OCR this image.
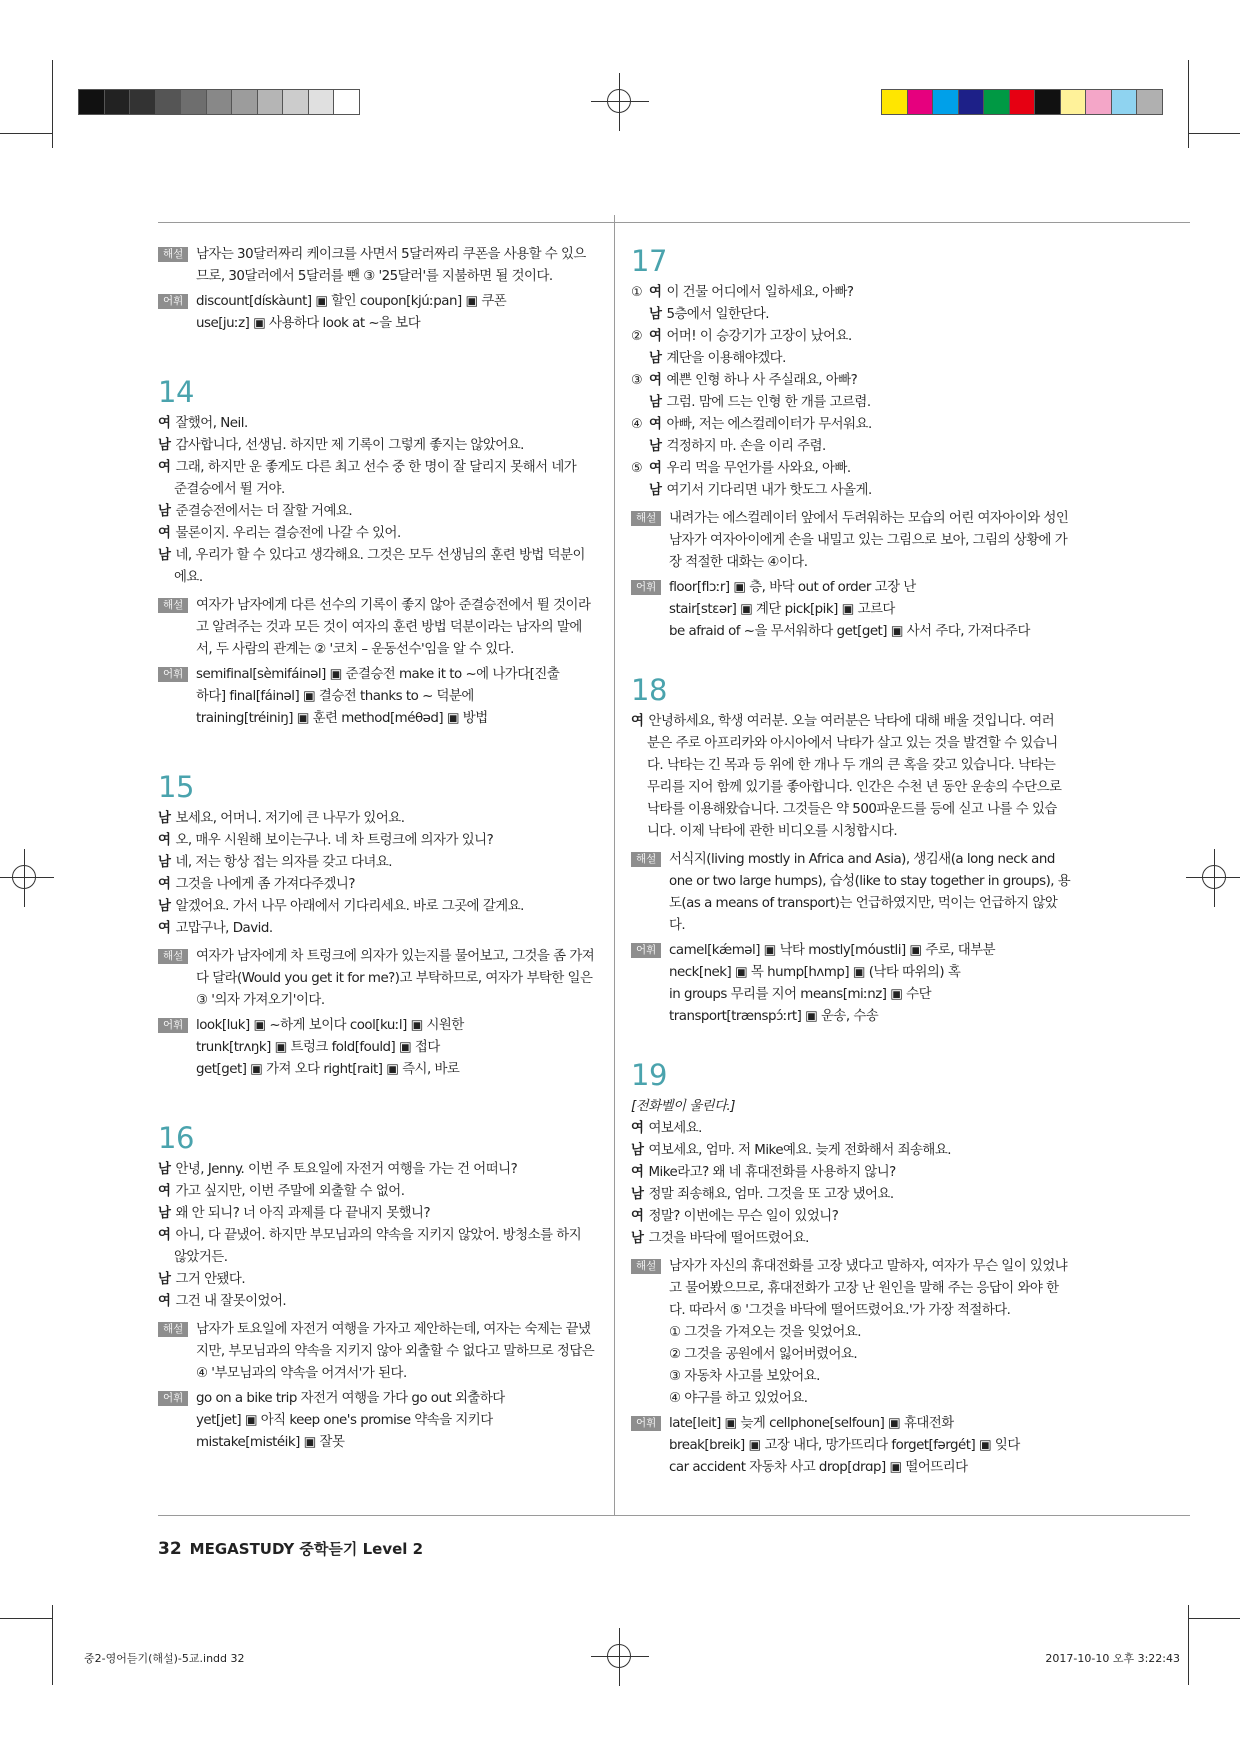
해설 남자는 30달러짜리 케이크를 사면서 5달러짜리 쿠폰을 사용할 수 있으

므로, 30달러에서 5달러를 뺀 ③ '25달러'를 지불하면 될 것이다.

어휘 discount[dískàunt] ▣ 할인 coupon[kjúːpan] ▣ 쿠폰

use[juːz] ▣ 사용하다 look at ~을 보다

14

여 잘했어, Neil.

남 감사합니다, 선생님. 하지만 제 기록이 그렇게 좋지는 않았어요.

여 그래, 하지만 운 좋게도 다른 최고 선수 중 한 명이 잘 달리지 못해서 네가

준결승에서 뛸 거야.

남 준결승전에서는 더 잘할 거예요.

여 물론이지. 우리는 결승전에 나갈 수 있어.

남 네, 우리가 할 수 있다고 생각해요. 그것은 모두 선생님의 훈련 방법 덕분이

에요.

해설 여자가 남자에게 다른 선수의 기록이 좋지 않아 준결승전에서 뛸 것이라

고 알려주는 것과 모든 것이 여자의 훈련 방법 덕분이라는 남자의 말에

서, 두 사람의 관계는 ② '코치 – 운동선수'임을 알 수 있다.

어휘 semifinal[sèmifáinəl] ▣ 준결승전 make it to ~에 나가다[진출

하다] final[fáinəl] ▣ 결승전 thanks to ~ 덕분에

training[tréiniŋ] ▣ 훈련 method[méθəd] ▣ 방법

15

남 보세요, 어머니. 저기에 큰 나무가 있어요.

여 오, 매우 시원해 보이는구나. 네 차 트렁크에 의자가 있니?

남 네, 저는 항상 접는 의자를 갖고 다녀요.

여 그것을 나에게 좀 가져다주겠니?

남 알겠어요. 가서 나무 아래에서 기다리세요. 바로 그곳에 갈게요.

여 고맙구나, David.

해설 여자가 남자에게 차 트렁크에 의자가 있는지를 물어보고, 그것을 좀 가져

다 달라(Would you get it for me?)고 부탁하므로, 여자가 부탁한 일은

③ '의자 가져오기'이다.

어휘 look[luk] ▣ ~하게 보이다 cool[kuːl] ▣ 시원한

trunk[trʌŋk] ▣ 트렁크 fold[fould] ▣ 접다

get[get] ▣ 가져 오다 right[rait] ▣ 즉시, 바로

16

남 안녕, Jenny. 이번 주 토요일에 자전거 여행을 가는 건 어떠니?

여 가고 싶지만, 이번 주말에 외출할 수 없어.

남 왜 안 되니? 너 아직 과제를 다 끝내지 못했니?

여 아니, 다 끝냈어. 하지만 부모님과의 약속을 지키지 않았어. 방청소를 하지

않았거든.

남 그거 안됐다.

여 그건 내 잘못이었어.

해설 남자가 토요일에 자전거 여행을 가자고 제안하는데, 여자는 숙제는 끝냈

지만, 부모님과의 약속을 지키지 않아 외출할 수 없다고 말하므로 정답은

④ '부모님과의 약속을 어겨서'가 된다.

어휘 go on a bike trip 자전거 여행을 가다 go out 외출하다

yet[jet] ▣ 아직 keep one's promise 약속을 지키다

mistake[mistéik] ▣ 잘못

17

① 여 이 건물 어디에서 일하세요, 아빠?

남 5층에서 일한단다.

② 여 어머! 이 승강기가 고장이 났어요.

남 계단을 이용해야겠다.

③ 여 예쁜 인형 하나 사 주실래요, 아빠?

남 그럼. 맘에 드는 인형 한 개를 고르렴.

④ 여 아빠, 저는 에스컬레이터가 무서워요.

남 걱정하지 마. 손을 이리 주렴.

⑤ 여 우리 먹을 무언가를 사와요, 아빠.

남 여기서 기다리면 내가 핫도그 사올게.

해설 내려가는 에스컬레이터 앞에서 두려워하는 모습의 어린 여자아이와 성인

남자가 여자아이에게 손을 내밀고 있는 그림으로 보아, 그림의 상황에 가

장 적절한 대화는 ④이다.

어휘 floor[flɔːr] ▣ 층, 바닥 out of order 고장 난

stair[stεər] ▣ 계단 pick[pik] ▣ 고르다

be afraid of ~을 무서워하다 get[get] ▣ 사서 주다, 가져다주다

18

여 안녕하세요, 학생 여러분. 오늘 여러분은 낙타에 대해 배울 것입니다. 여러

분은 주로 아프리카와 아시아에서 낙타가 살고 있는 것을 발견할 수 있습니

다. 낙타는 긴 목과 등 위에 한 개나 두 개의 큰 혹을 갖고 있습니다. 낙타는

무리를 지어 함께 있기를 좋아합니다. 인간은 수천 년 동안 운송의 수단으로

낙타를 이용해왔습니다. 그것들은 약 500파운드를 등에 싣고 나를 수 있습

니다. 이제 낙타에 관한 비디오를 시청합시다.

해설 서식지(living mostly in Africa and Asia), 생김새(a long neck and

one or two large humps), 습성(like to stay together in groups), 용

도(as a means of transport)는 언급하였지만, 먹이는 언급하지 않았다.

어휘 camel[kǽməl] ▣ 낙타 mostly[móustli] ▣ 주로, 대부분

neck[nek] ▣ 목 hump[hʌmp] ▣ (낙타 따위의) 혹

in groups 무리를 지어 means[miːnz] ▣ 수단

transport[trænspɔ́ːrt] ▣ 운송, 수송

19

[전화벨이 울린다.]

여 여보세요.

남 여보세요, 엄마. 저 Mike예요. 늦게 전화해서 죄송해요.

여 Mike라고? 왜 네 휴대전화를 사용하지 않니?

남 정말 죄송해요, 엄마. 그것을 또 고장 냈어요.

여 정말? 이번에는 무슨 일이 있었니?

남 그것을 바닥에 떨어뜨렸어요.

해설 남자가 자신의 휴대전화를 고장 냈다고 말하자, 여자가 무슨 일이 있었냐

고 물어봤으므로, 휴대전화가 고장 난 원인을 말해 주는 응답이 와야 한

다. 따라서 ⑤ '그것을 바닥에 떨어뜨렸어요.'가 가장 적절하다.

① 그것을 가져오는 것을 잊었어요.

② 그것을 공원에서 잃어버렸어요.

③ 자동차 사고를 보았어요.

④ 야구를 하고 있었어요.

어휘 late[leit] ▣ 늦게 cellphone[selfoun] ▣ 휴대전화

break[breik] ▣ 고장 내다, 망가뜨리다 forget[fərgét] ▣ 잊다

car accident 자동차 사고 drop[drɑp] ▣ 떨어뜨리다

32 MEGASTUDY 중학듣기 Level 2
중2-영어듣기(해설)-5교.indd 32	2017-10-10 오후 3:22:43
